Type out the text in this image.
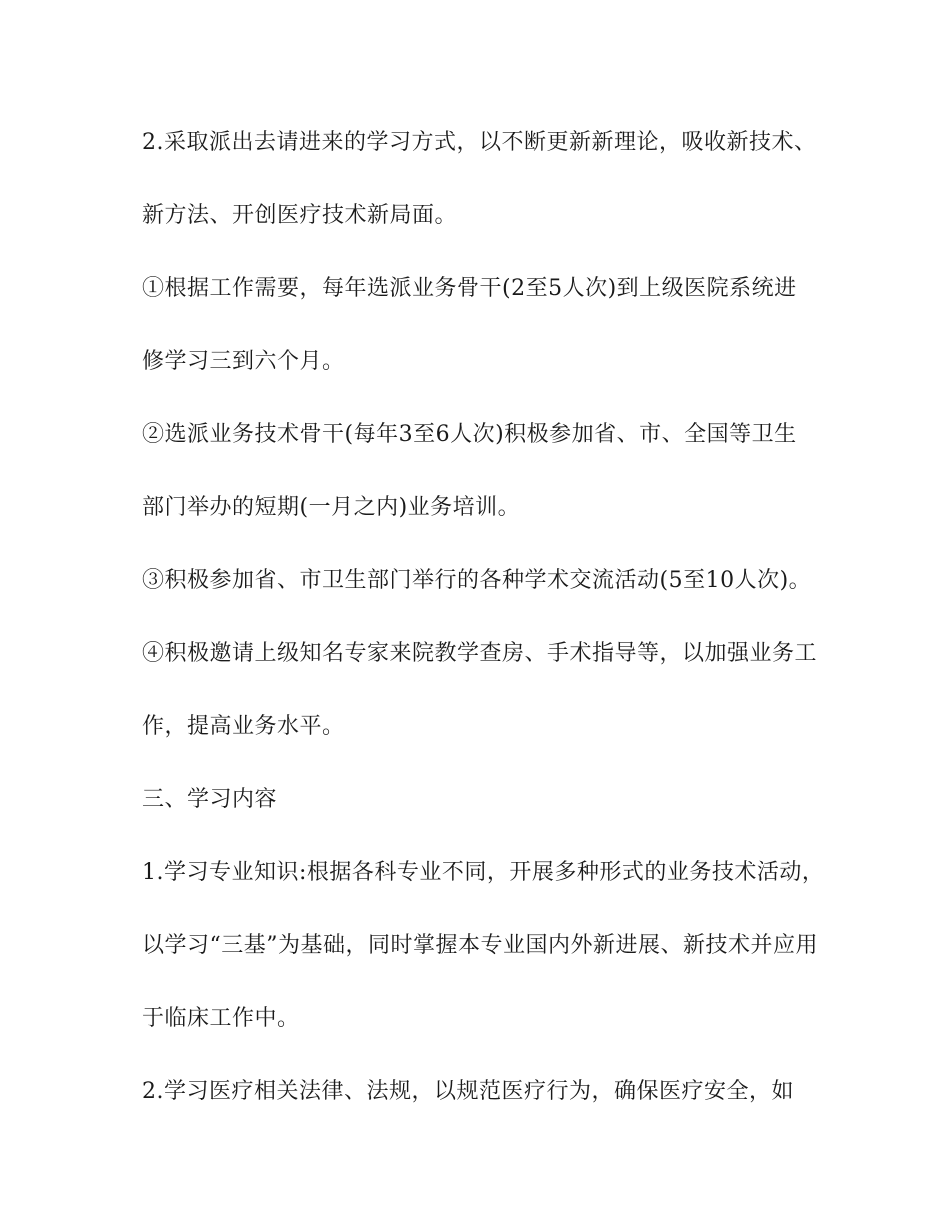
2.采取派出去请进来的学习方式，以不断更新新理论，吸收新技术、
新方法、开创医疗技术新局面。
①根据工作需要，每年选派业务骨干(2至5人次)到上级医院系统进
修学习三到六个月。
②选派业务技术骨干(每年3至6人次)积极参加省、市、全国等卫生
部门举办的短期(一月之内)业务培训。
③积极参加省、市卫生部门举行的各种学术交流活动(5至10人次)。
④积极邀请上级知名专家来院教学查房、手术指导等，以加强业务工
作，提高业务水平。
三、学习内容
1.学习专业知识:根据各科专业不同，开展多种形式的业务技术活动，
以学习“三基”为基础，同时掌握本专业国内外新进展、新技术并应用
于临床工作中。
2.学习医疗相关法律、法规，以规范医疗行为，确保医疗安全，如
